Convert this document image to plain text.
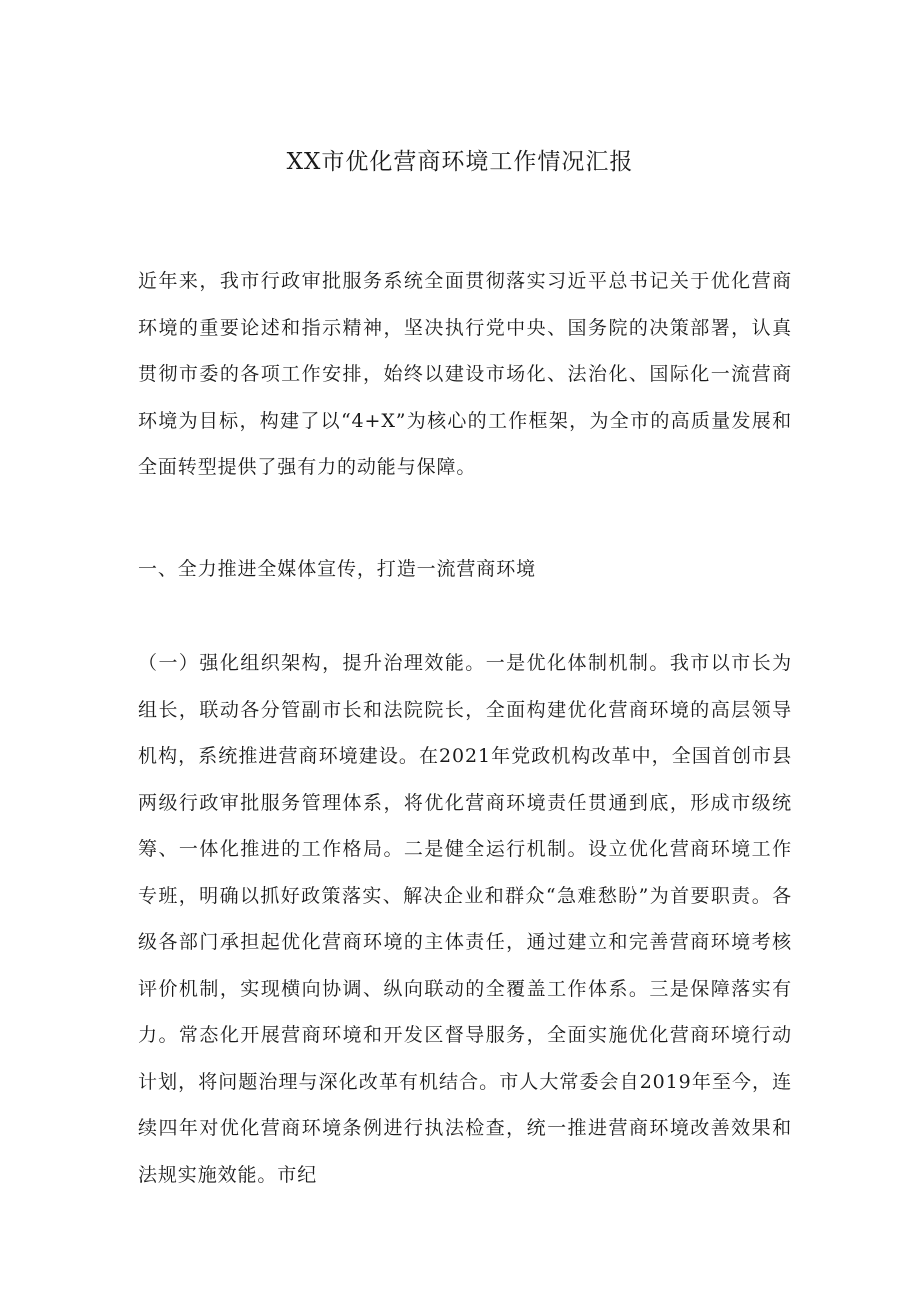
XX市优化营商环境工作情况汇报

近年来，我市行政审批服务系统全面贯彻落实习近平总书记关于优化营商环境的重要论述和指示精神，坚决执行党中央、国务院的决策部署，认真贯彻市委的各项工作安排，始终以建设市场化、法治化、国际化一流营商环境为目标，构建了以“4+X”为核心的工作框架，为全市的高质量发展和全面转型提供了强有力的动能与保障。

一、全力推进全媒体宣传，打造一流营商环境

（一）强化组织架构，提升治理效能。一是优化体制机制。我市以市长为组长，联动各分管副市长和法院院长，全面构建优化营商环境的高层领导机构，系统推进营商环境建设。在2021年党政机构改革中，全国首创市县两级行政审批服务管理体系，将优化营商环境责任贯通到底，形成市级统筹、一体化推进的工作格局。二是健全运行机制。设立优化营商环境工作专班，明确以抓好政策落实、解决企业和群众“急难愁盼”为首要职责。各级各部门承担起优化营商环境的主体责任，通过建立和完善营商环境考核评价机制，实现横向协调、纵向联动的全覆盖工作体系。三是保障落实有力。常态化开展营商环境和开发区督导服务，全面实施优化营商环境行动计划，将问题治理与深化改革有机结合。市人大常委会自2019年至今，连续四年对优化营商环境条例进行执法检查，统一推进营商环境改善效果和法规实施效能。市纪
